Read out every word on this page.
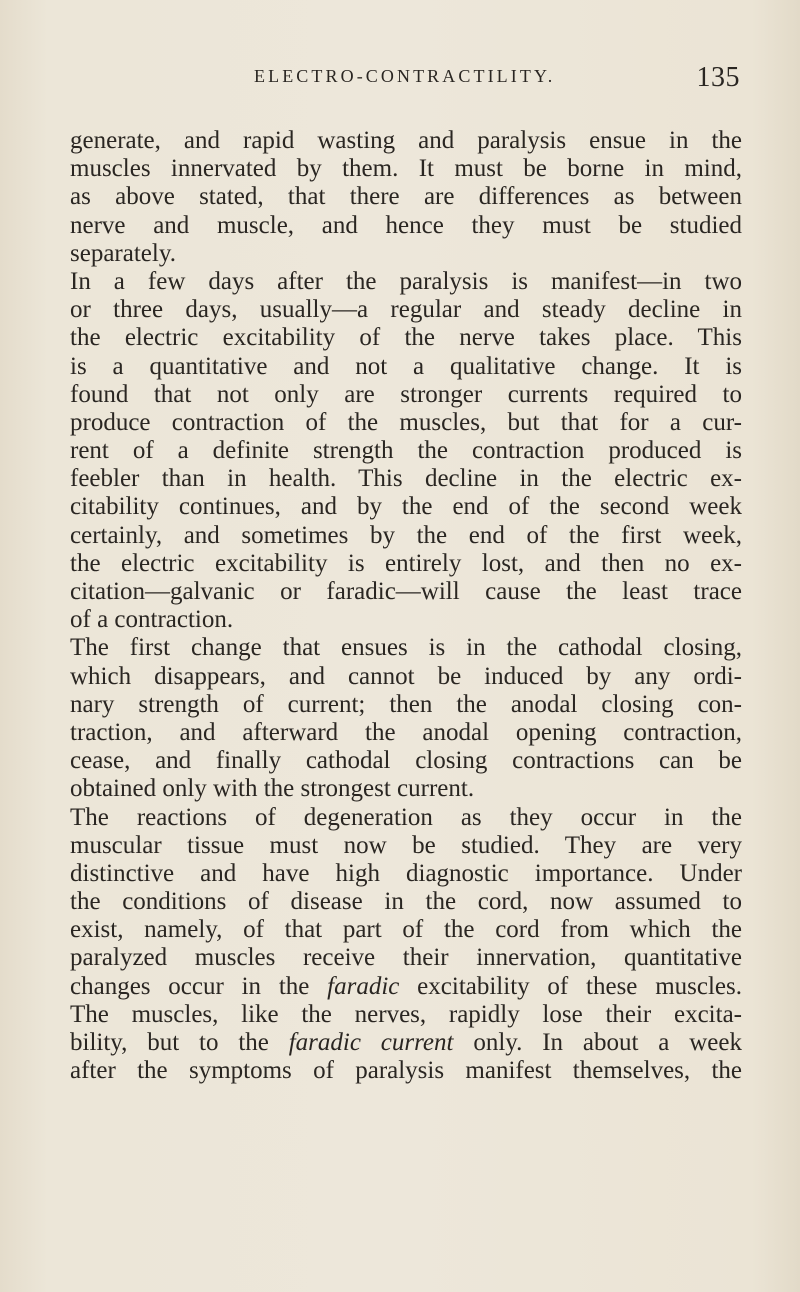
ELECTRO-CONTRACTILITY.	135
generate, and rapid wasting and paralysis ensue in the
muscles innervated by them. It must be borne in mind,
as above stated, that there are differences as between
nerve and muscle, and hence they must be studied
separately.
In a few days after the paralysis is manifest—in two
or three days, usually—a regular and steady decline in
the electric excitability of the nerve takes place. This
is a quantitative and not a qualitative change. It is
found that not only are stronger currents required to
produce contraction of the muscles, but that for a cur-
rent of a definite strength the contraction produced is
feebler than in health. This decline in the electric ex-
citability continues, and by the end of the second week
certainly, and sometimes by the end of the first week,
the electric excitability is entirely lost, and then no ex-
citation—galvanic or faradic—will cause the least trace
of a contraction.
The first change that ensues is in the cathodal closing,
which disappears, and cannot be induced by any ordi-
nary strength of current; then the anodal closing con-
traction, and afterward the anodal opening contraction,
cease, and finally cathodal closing contractions can be
obtained only with the strongest current.
The reactions of degeneration as they occur in the
muscular tissue must now be studied. They are very
distinctive and have high diagnostic importance. Under
the conditions of disease in the cord, now assumed to
exist, namely, of that part of the cord from which the
paralyzed muscles receive their innervation, quantitative
changes occur in the faradic excitability of these muscles.
The muscles, like the nerves, rapidly lose their excita-
bility, but to the faradic current only. In about a week
after the symptoms of paralysis manifest themselves, the
